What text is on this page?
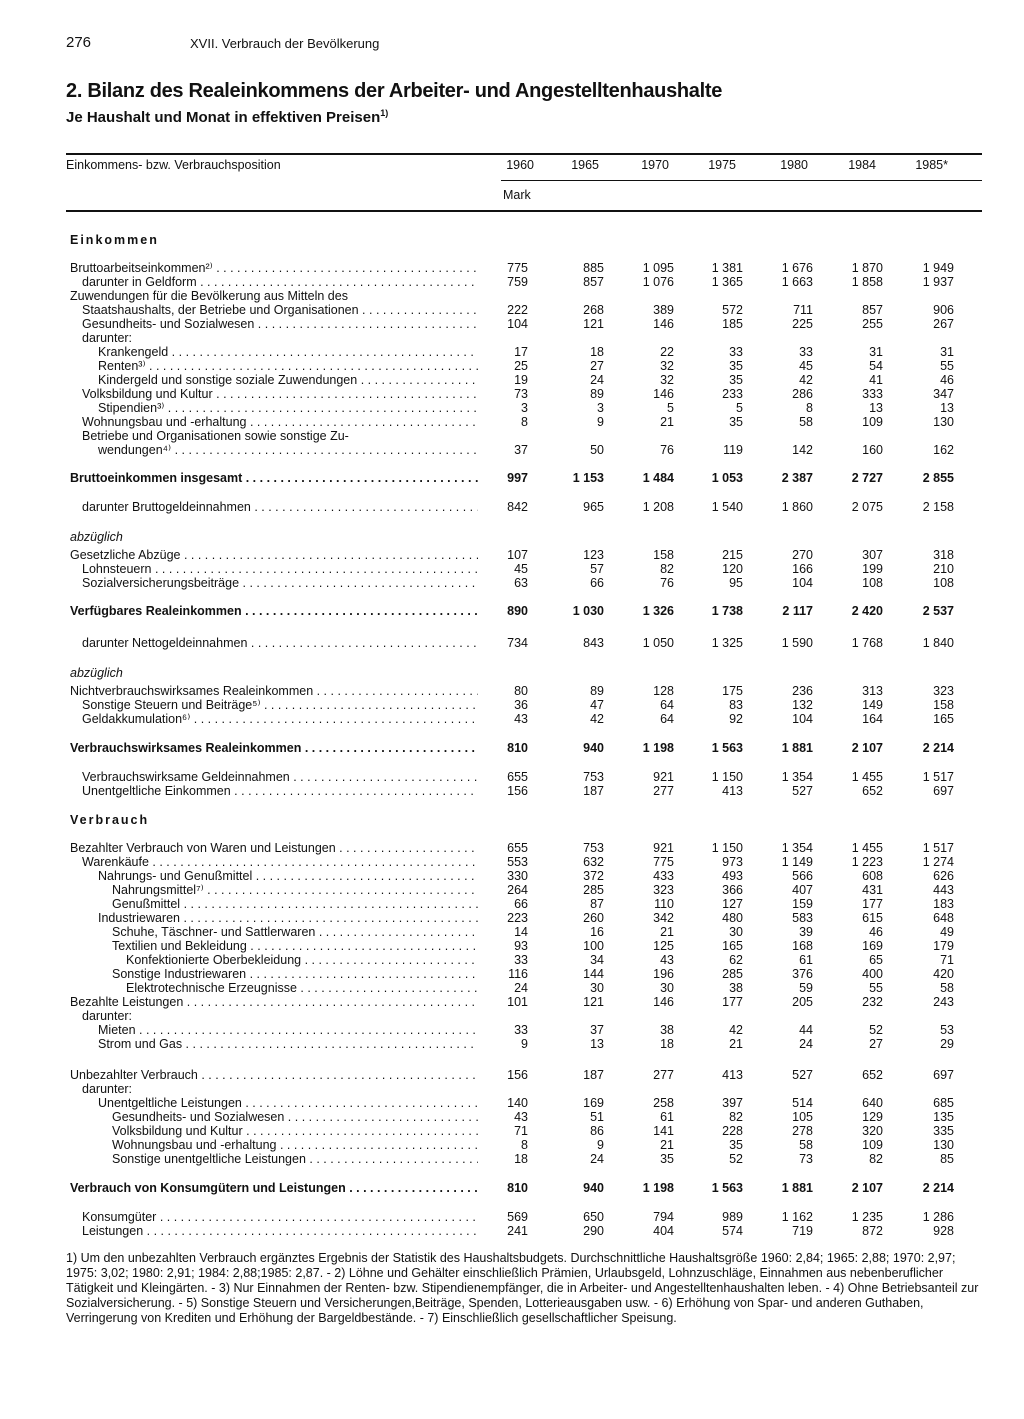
276	XVII. Verbrauch der Bevölkerung
2. Bilanz des Realeinkommens der Arbeiter- und Angestelltenhaushalte
Je Haushalt und Monat in effektiven Preisen$^{1)}$
Einkommens- bzw. Verbrauchsposition	1960	1965	1970	1975	1980	1984	1985*
Mark
Einkommen
Bruttoarbeitseinkommen²⁾ . . .	775	885	1 095	1 381	1 676	1 870	1 949
darunter in Geldform . . .	759	857	1 076	1 365	1 663	1 858	1 937
Zuwendungen für die Bevölkerung aus Mitteln des
Staatshaushalts, der Betriebe und Organisationen . . .	222	268	389	572	711	857	906
Gesundheits- und Sozialwesen . . .	104	121	146	185	225	255	267
darunter:
Krankengeld . . .	17	18	22	33	33	31	31
Renten³⁾ . . .	25	27	32	35	45	54	55
Kindergeld und sonstige soziale Zuwendungen . . .	19	24	32	35	42	41	46
Volksbildung und Kultur . . .	73	89	146	233	286	333	347
Stipendien³⁾ . . .	3	3	5	5	8	13	13
Wohnungsbau und -erhaltung . . .	8	9	21	35	58	109	130
Betriebe und Organisationen sowie sonstige Zu-
wendungen⁴⁾ . . .	37	50	76	119	142	160	162
Bruttoeinkommen insgesamt . . .	997	1 153	1 484	1 053	2 387	2 727	2 855
darunter Bruttogeldeinnahmen . . .	842	965	1 208	1 540	1 860	2 075	2 158
abzüglich
Gesetzliche Abzüge . . .	107	123	158	215	270	307	318
Lohnsteuern . . .	45	57	82	120	166	199	210
Sozialversicherungsbeiträge . . .	63	66	76	95	104	108	108
Verfügbares Realeinkommen . . .	890	1 030	1 326	1 738	2 117	2 420	2 537
darunter Nettogeldeinnahmen . . .	734	843	1 050	1 325	1 590	1 768	1 840
abzüglich
Nichtverbrauchswirksames Realeinkommen . . .	80	89	128	175	236	313	323
Sonstige Steuern und Beiträge⁵⁾ . . .	36	47	64	83	132	149	158
Geldakkumulation⁶⁾ . . .	43	42	64	92	104	164	165
Verbrauchswirksames Realeinkommen . . .	810	940	1 198	1 563	1 881	2 107	2 214
Verbrauchswirksame Geldeinnahmen . . .	655	753	921	1 150	1 354	1 455	1 517
Unentgeltliche Einkommen . . .	156	187	277	413	527	652	697
Verbrauch
Bezahlter Verbrauch von Waren und Leistungen . . .	655	753	921	1 150	1 354	1 455	1 517
Warenkäufe . . .	553	632	775	973	1 149	1 223	1 274
Nahrungs- und Genußmittel . . .	330	372	433	493	566	608	626
Nahrungsmittel⁷⁾ . . .	264	285	323	366	407	431	443
Genußmittel . . .	66	87	110	127	159	177	183
Industriewaren . . .	223	260	342	480	583	615	648
Schuhe, Täschner- und Sattlerwaren . . .	14	16	21	30	39	46	49
Textilien und Bekleidung . . .	93	100	125	165	168	169	179
Konfektionierte Oberbekleidung . . .	33	34	43	62	61	65	71
Sonstige Industriewaren . . .	116	144	196	285	376	400	420
Elektrotechnische Erzeugnisse . . .	24	30	30	38	59	55	58
Bezahlte Leistungen . . .	101	121	146	177	205	232	243
darunter:
Mieten . . .	33	37	38	42	44	52	53
Strom und Gas . . .	9	13	18	21	24	27	29
Unbezahlter Verbrauch . . .	156	187	277	413	527	652	697
darunter:
Unentgeltliche Leistungen . . .	140	169	258	397	514	640	685
Gesundheits- und Sozialwesen . . .	43	51	61	82	105	129	135
Volksbildung und Kultur . . .	71	86	141	228	278	320	335
Wohnungsbau und -erhaltung . . .	8	9	21	35	58	109	130
Sonstige unentgeltliche Leistungen . . .	18	24	35	52	73	82	85
Verbrauch von Konsumgütern und Leistungen . . .	810	940	1 198	1 563	1 881	2 107	2 214
Konsumgüter . . .	569	650	794	989	1 162	1 235	1 286
Leistungen . . .	241	290	404	574	719	872	928
1) Um den unbezahlten Verbrauch ergänztes Ergebnis der Statistik des Haushaltsbudgets. Durchschnittliche Haushaltsgröße 1960: 2,84; 1965: 2,88; 1970: 2,97; 1975: 3,02; 1980: 2,91; 1984: 2,88;1985: 2,87. - 2) Löhne und Gehälter einschließlich Prämien, Urlaubsgeld, Lohnzuschläge, Einnahmen aus nebenberuflicher Tätigkeit und Kleingärten. - 3) Nur Einnahmen der Renten- bzw. Stipendienempfänger, die in Arbeiter- und Angestelltenhaushalten leben. - 4) Ohne Betriebsanteil zur Sozialversicherung. - 5) Sonstige Steuern und Versicherungen,Beiträge, Spenden, Lotterieausgaben usw. - 6) Erhöhung von Spar- und anderen Guthaben, Verringerung von Krediten und Erhöhung der Bargeldbestände. - 7) Einschließlich gesellschaftlicher Speisung.
